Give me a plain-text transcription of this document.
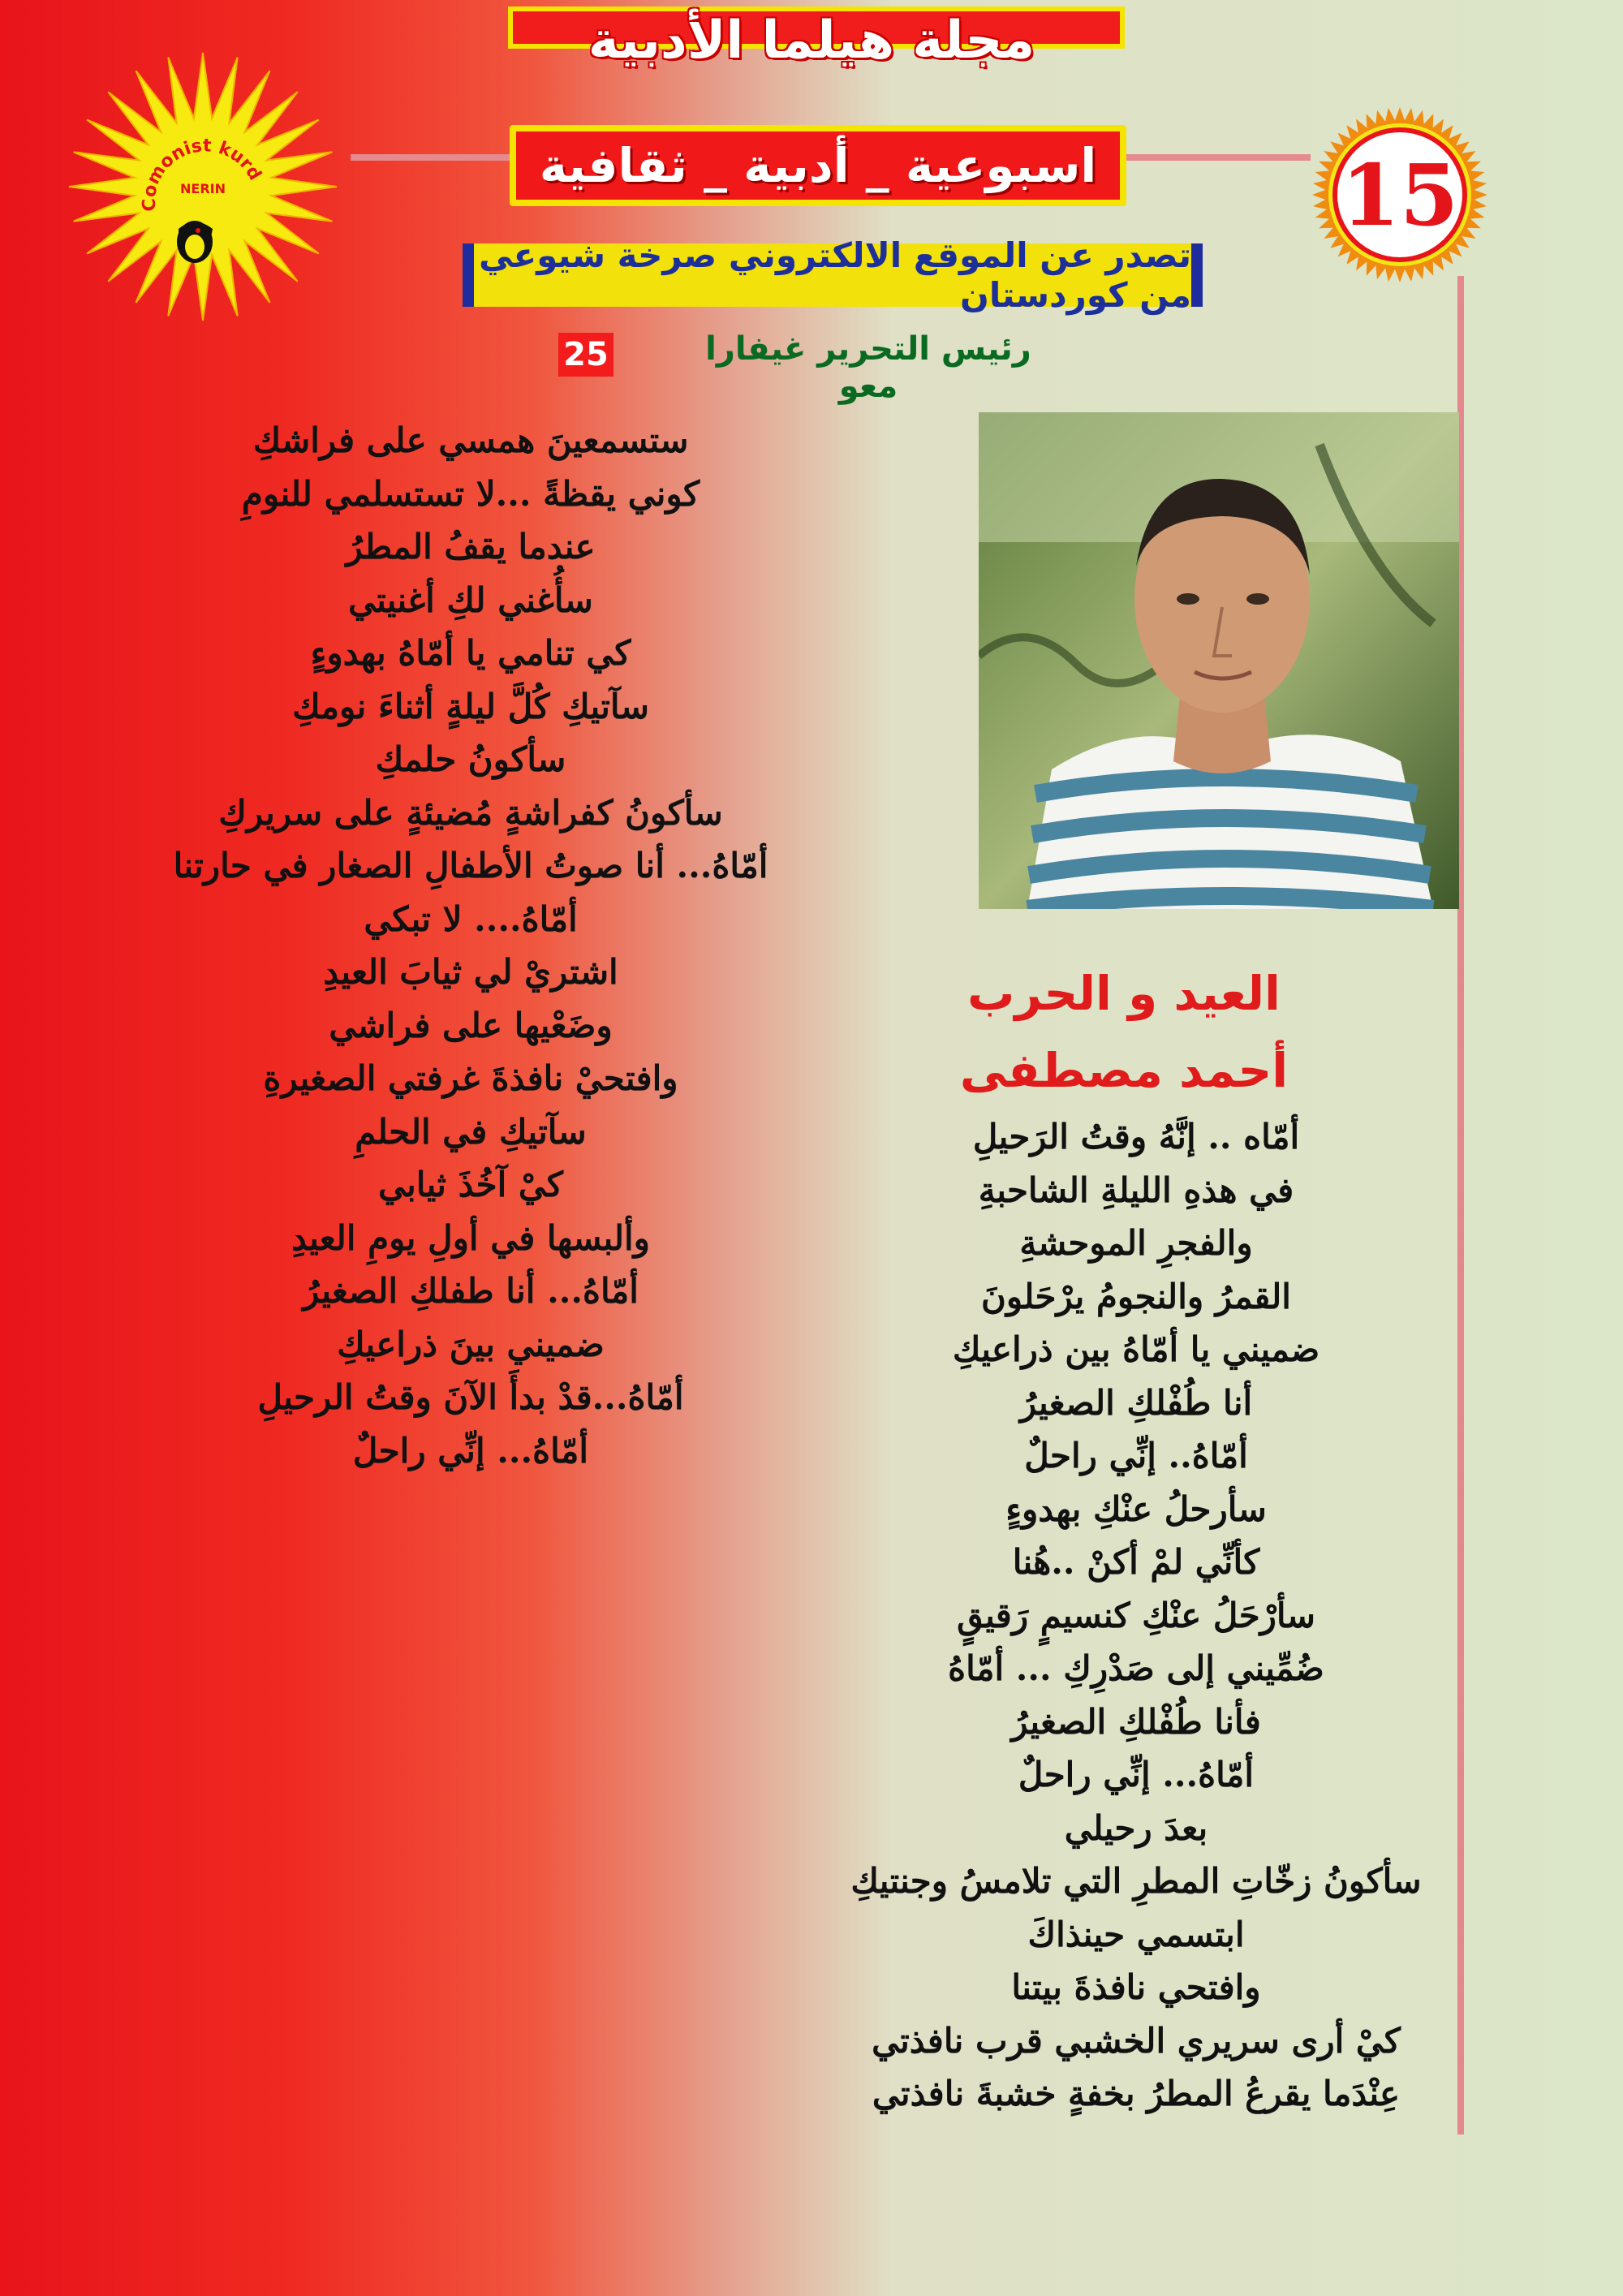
مجلة هيلما الأدبية
اسبوعية _ أدبية _ ثقافية
Comonist kurd
NERIN	15
تصدر عن الموقع الالكتروني صرخة شيوعي من كوردستان
رئيس التحرير غيفارا معو
25
العيد و الحرب
أحمد مصطفى
أمّاه .. إنَّهُ وقتُ الرَحيلِ
في هذهِ الليلةِ الشاحبةِ
والفجرِ الموحشةِ
القمرُ والنجومُ يرْحَلونَ
ضميني يا أمّاهُ بين ذراعيكِ
أنا طُفْلكِ الصغيرُ
أمّاهُ.. إنِّي راحلٌ
سأرحلُ عنْكِ بهدوءٍ
كأنِّي لمْ أكنْ ..هُنا
سأرْحَلُ عنْكِ كنسيمٍ رَقيقٍ
ضُمِّيني إلى صَدْرِكِ ... أمّاهُ
فأنا طُفْلكِ الصغيرُ
أمّاهُ... إنِّي راحلٌ
بعدَ رحيلي
سأكونُ زخّاتِ المطرِ التي تلامسُ وجنتيكِ
ابتسمي حينذاكَ
وافتحي نافذةَ بيتنا
كيْ أرى سريري الخشبي قرب نافذتي
عِنْدَما يقرعُ المطرُ بخفةٍ خشبةَ نافذتي
ستسمعينَ همسي على فراشكِ
كوني يقظةً ...لا تستسلمي للنومِ
عندما يقفُ المطرُ
سأُغني لكِ أغنيتي
كي تنامي يا أمّاهُ بهدوءٍ
سآتيكِ كُلَّ ليلةٍ أثناءَ نومكِ
سأكونُ حلمكِ
سأكونُ كفراشةٍ مُضيئةٍ على سريركِ
أمّاهُ... أنا صوتُ الأطفالِ الصغار في حارتنا
أمّاهُ.... لا تبكي
اشتريْ لي ثيابَ العيدِ
وضَعْيها على فراشي
وافتحيْ نافذةَ غرفتي الصغيرةِ
سآتيكِ في الحلمِ
كيْ آخُذَ ثيابي
وألبسها في أولِ يومِ العيدِ
أمّاهُ... أنا طفلكِ الصغيرُ
ضميني بينَ ذراعيكِ
أمّاهُ...قدْ بدأَ الآنَ وقتُ الرحيلِ
أمّاهُ... إنِّي راحلٌ
